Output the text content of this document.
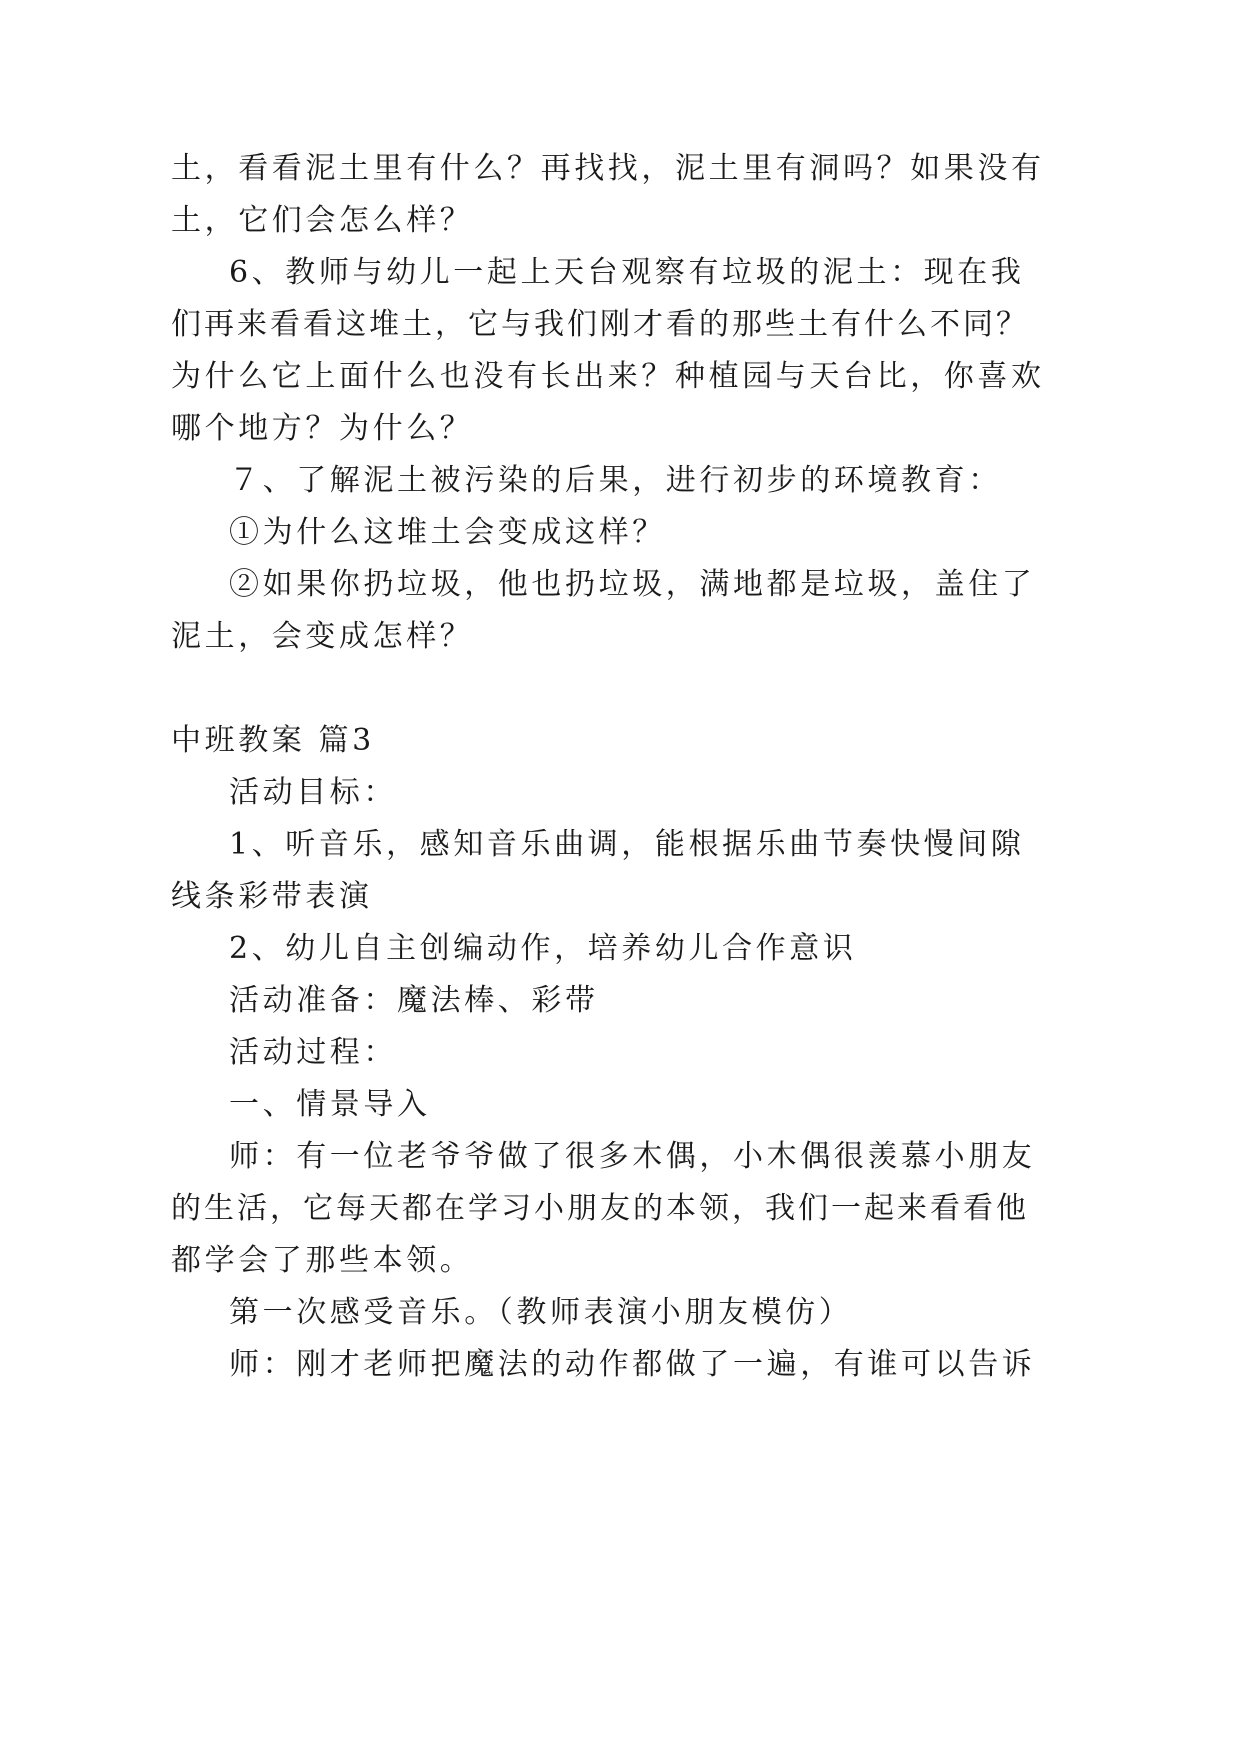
土，看看泥土里有什么？再找找，泥土里有洞吗？如果没有

土，它们会怎么样？

6、教师与幼儿一起上天台观察有垃圾的泥土：现在我

们再来看看这堆土，它与我们刚才看的那些土有什么不同？

为什么它上面什么也没有长出来？种植园与天台比，你喜欢

哪个地方？为什么？

７、了解泥土被污染的后果，进行初步的环境教育：

①为什么这堆土会变成这样？

②如果你扔垃圾，他也扔垃圾，满地都是垃圾，盖住了

泥土，会变成怎样？

中班教案 篇3

活动目标：

1、听音乐，感知音乐曲调，能根据乐曲节奏快慢间隙

线条彩带表演

2、幼儿自主创编动作，培养幼儿合作意识

活动准备：魔法棒、彩带

活动过程：

一、情景导入

师：有一位老爷爷做了很多木偶，小木偶很羡慕小朋友

的生活，它每天都在学习小朋友的本领，我们一起来看看他

都学会了那些本领。

第一次感受音乐。（教师表演小朋友模仿）

师：刚才老师把魔法的动作都做了一遍，有谁可以告诉
